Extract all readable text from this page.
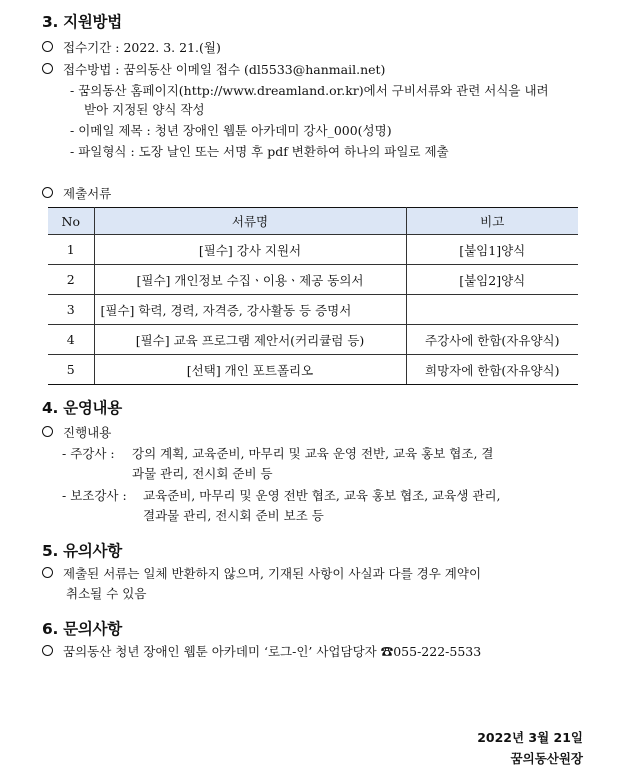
3. 지원방법
접수기간 : 2022. 3. 21.(월)
접수방법 : 꿈의동산 이메일 접수 (dl5533@hanmail.net)
- 꿈의동산 홈페이지(http://www.dreamland.or.kr)에서 구비서류와 관련 서식을 내려
받아 지정된 양식 작성
- 이메일 제목 : 청년 장애인 웹툰 아카데미 강사_000(성명)
- 파일형식 : 도장 날인 또는 서명 후 pdf 변환하여 하나의 파일로 제출
제출서류
No	서류명	비고
1	[필수] 강사 지원서	[붙임1]양식
2	[필수] 개인정보 수집ㆍ이용ㆍ제공 동의서	[붙임2]양식
3	[필수] 학력, 경력, 자격증, 강사활동 등 증명서	
4	[필수] 교육 프로그램 제안서(커리큘럼 등)	주강사에 한함(자유양식)
5	[선택] 개인 포트폴리오	희망자에 한함(자유양식)
4. 운영내용
진행내용
- 주강사 : 강의 계획, 교육준비, 마무리 및 교육 운영 전반, 교육 홍보 협조, 결
과물 관리, 전시회 준비 등
- 보조강사 : 교육준비, 마무리 및 운영 전반 협조, 교육 홍보 협조, 교육생 관리,
결과물 관리, 전시회 준비 보조 등
5. 유의사항
제출된 서류는 일체 반환하지 않으며, 기재된 사항이 사실과 다를 경우 계약이
취소될 수 있음
6. 문의사항
꿈의동산 청년 장애인 웹툰 아카데미 ‘로그-인’ 사업담당자 ☎055-222-5533
2022년 3월 21일
꿈의동산원장
